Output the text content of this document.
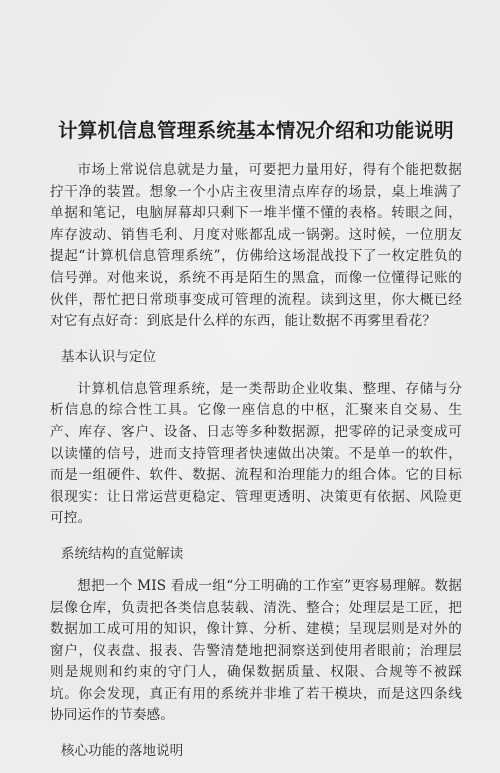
计算机信息管理系统基本情况介绍和功能说明

市场上常说信息就是力量，可要把力量用好，得有个能把数据拧干净的装置。想象一个小店主夜里清点库存的场景，桌上堆满了单据和笔记，电脑屏幕却只剩下一堆半懂不懂的表格。转眼之间，库存波动、销售毛利、月度对账都乱成一锅粥。这时候，一位朋友提起“计算机信息管理系统”，仿佛给这场混战投下了一枚定胜负的信号弹。对他来说，系统不再是陌生的黑盒，而像一位懂得记账的伙伴，帮忙把日常琐事变成可管理的流程。读到这里，你大概已经对它有点好奇：到底是什么样的东西，能让数据不再雾里看花？

基本认识与定位

计算机信息管理系统，是一类帮助企业收集、整理、存储与分析信息的综合性工具。它像一座信息的中枢，汇聚来自交易、生产、库存、客户、设备、日志等多种数据源，把零碎的记录变成可以读懂的信号，进而支持管理者快速做出决策。不是单一的软件，而是一组硬件、软件、数据、流程和治理能力的组合体。它的目标很现实：让日常运营更稳定、管理更透明、决策更有依据、风险更可控。

系统结构的直觉解读

想把一个 MIS 看成一组“分工明确的工作室”更容易理解。数据层像仓库，负责把各类信息装载、清洗、整合；处理层是工匠，把数据加工成可用的知识，像计算、分析、建模；呈现层则是对外的窗户，仪表盘、报表、告警清楚地把洞察送到使用者眼前；治理层则是规则和约束的守门人，确保数据质量、权限、合规等不被踩坑。你会发现，真正有用的系统并非堆了若干模块，而是这四条线协同运作的节奏感。

核心功能的落地说明
